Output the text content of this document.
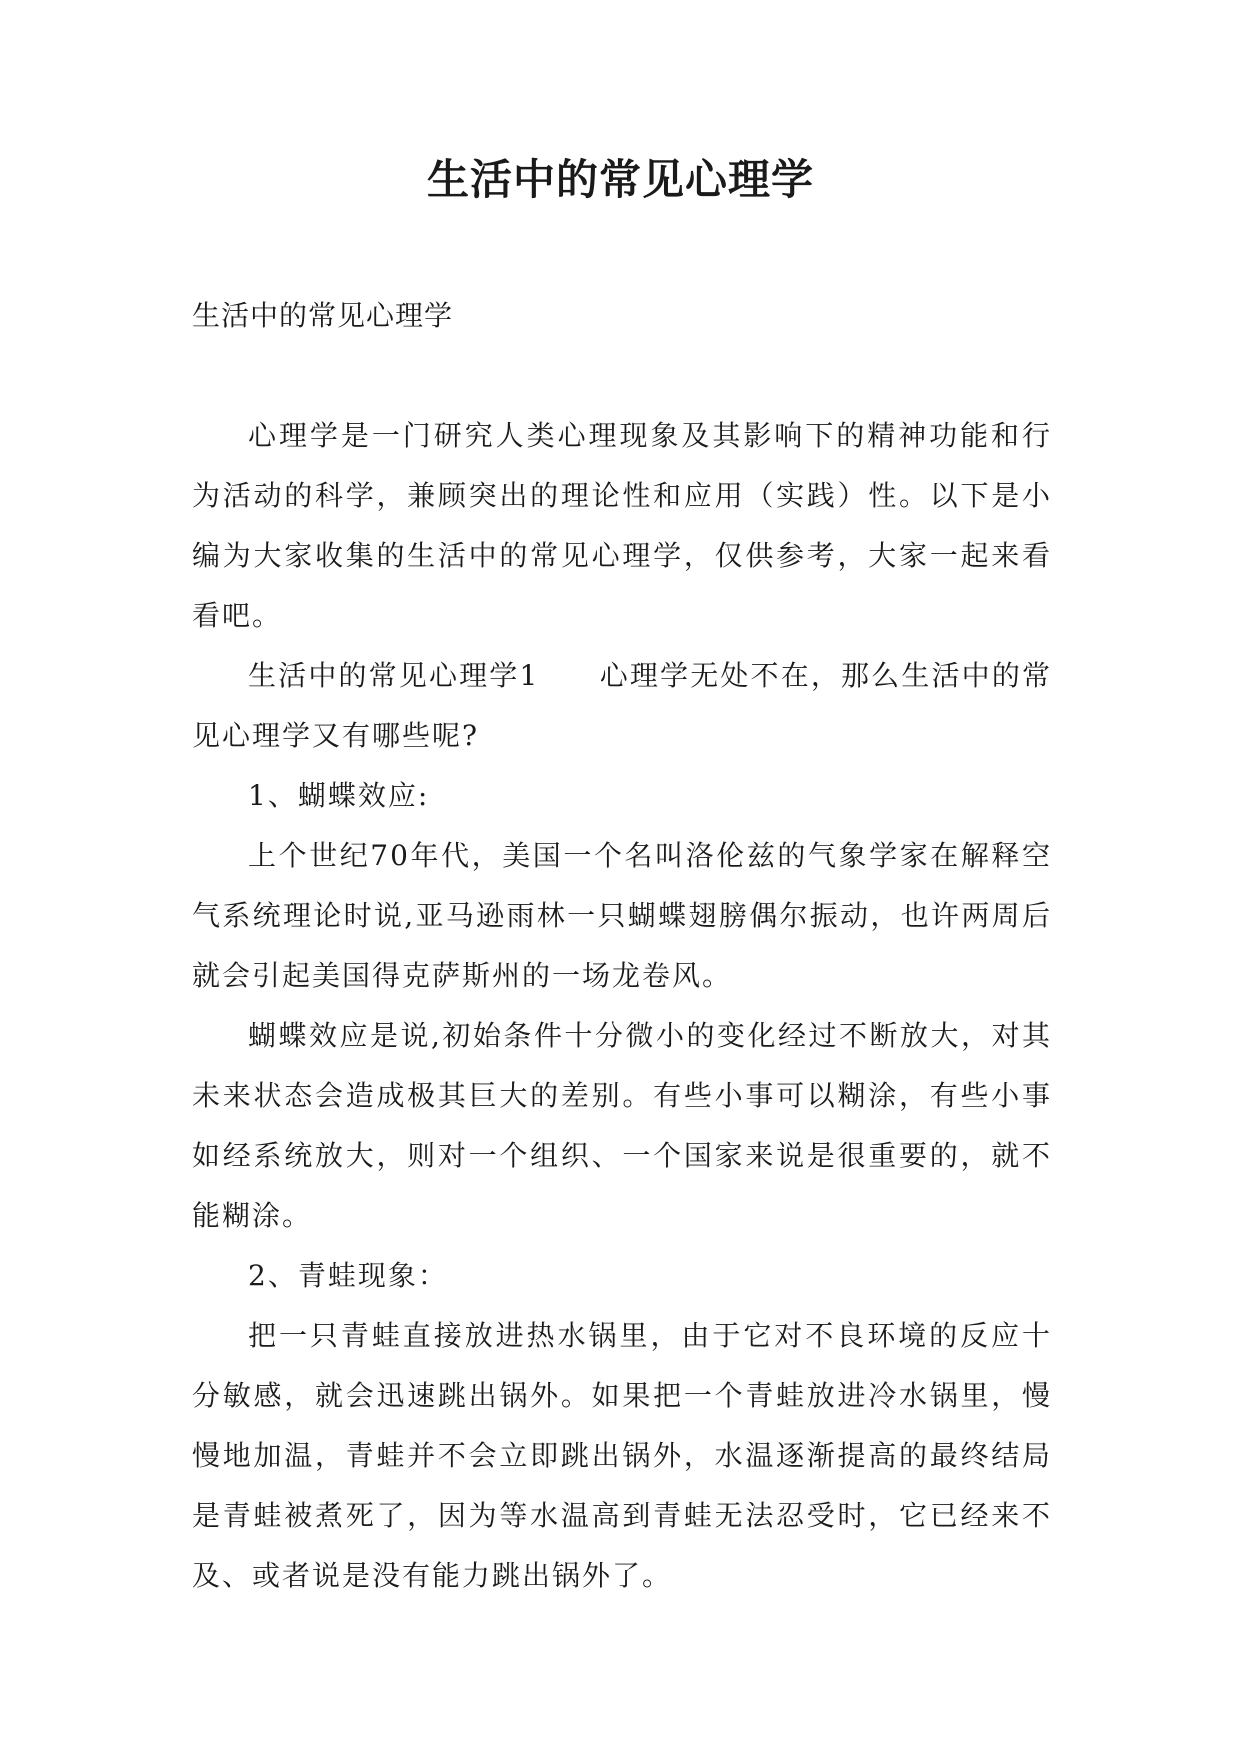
生活中的常见心理学

生活中的常见心理学

心理学是一门研究人类心理现象及其影响下的精神功能和行为活动的科学，兼顾突出的理论性和应用（实践）性。以下是小编为大家收集的生活中的常见心理学，仅供参考，大家一起来看看吧。

生活中的常见心理学1　　心理学无处不在，那么生活中的常见心理学又有哪些呢?

1、蝴蝶效应:

上个世纪70年代，美国一个名叫洛伦兹的气象学家在解释空气系统理论时说,亚马逊雨林一只蝴蝶翅膀偶尔振动，也许两周后就会引起美国得克萨斯州的一场龙卷风。

蝴蝶效应是说,初始条件十分微小的变化经过不断放大，对其未来状态会造成极其巨大的差别。有些小事可以糊涂，有些小事如经系统放大，则对一个组织、一个国家来说是很重要的，就不能糊涂。

2、青蛙现象：

把一只青蛙直接放进热水锅里，由于它对不良环境的反应十分敏感，就会迅速跳出锅外。如果把一个青蛙放进冷水锅里，慢慢地加温，青蛙并不会立即跳出锅外，水温逐渐提高的最终结局是青蛙被煮死了，因为等水温高到青蛙无法忍受时，它已经来不及、或者说是没有能力跳出锅外了。
